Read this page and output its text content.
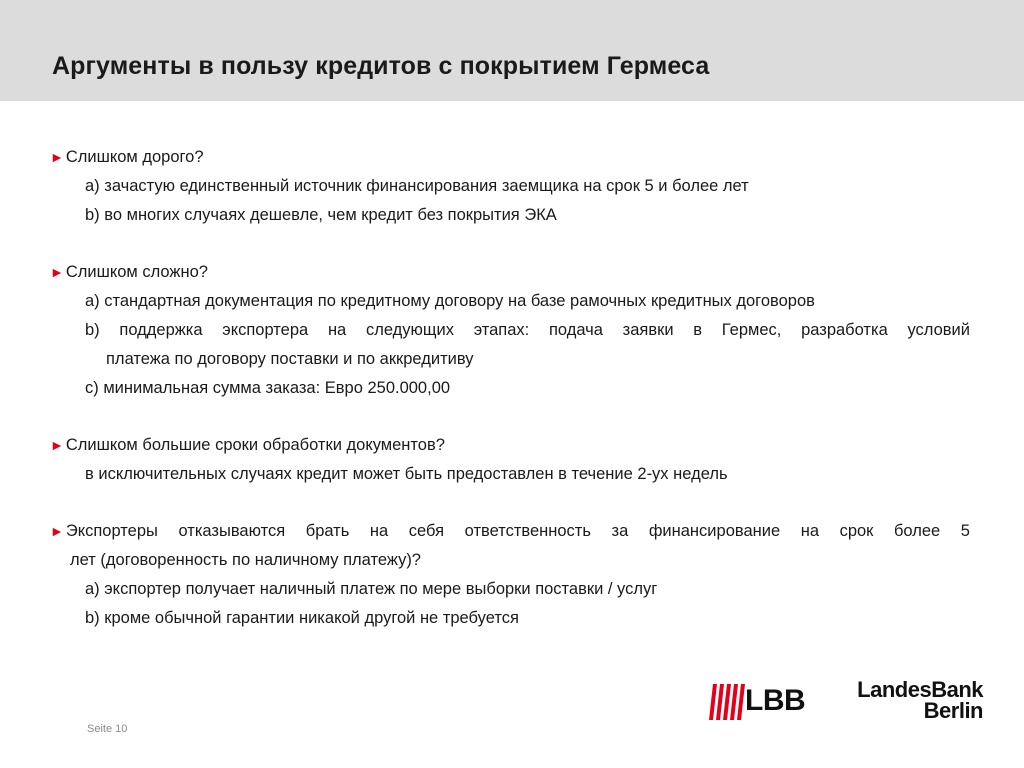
Аргументы в пользу кредитов с покрытием Гермеса
► Слишком дорого?
a) зачастую единственный источник финансирования заемщика на срок 5 и более лет
b) во многих случаях дешевле, чем кредит без покрытия ЭКА
► Слишком сложно?
a) стандартная документация по кредитному договору на базе рамочных кредитных договоров
b) поддержка экспортера на следующих этапах: подача заявки в Гермес, разработка условий
платежа по договору поставки и по аккредитиву
c) минимальная сумма заказа: Евро 250.000,00
► Слишком большие сроки обработки документов?
в исключительных случаях кредит может быть предоставлен в течение 2-ух недель
► Экспортеры отказываются брать на себя ответственность за финансирование на срок более 5
лет (договоренность по наличному платежу)?
a) экспортер получает наличный платеж по мере выборки поставки / услуг
b) кроме обычной гарантии никакой другой не требуется
Seite 10
LBB	LandesBank
Berlin
